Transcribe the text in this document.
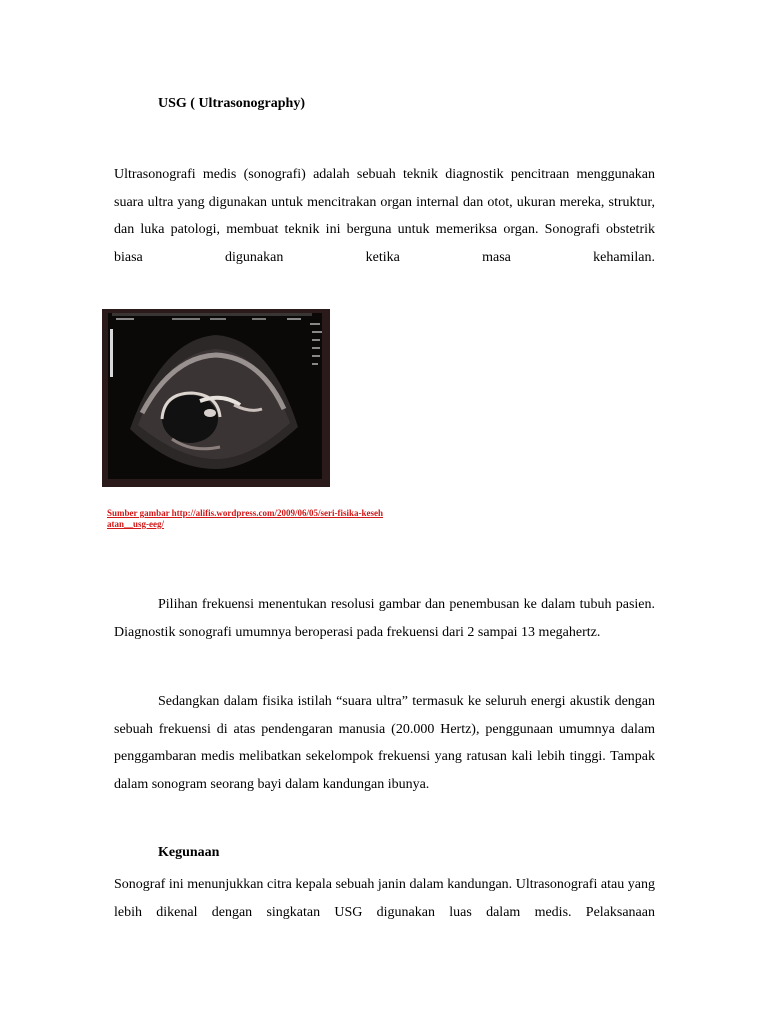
USG ( Ultrasonography)

Ultrasonografi medis (sonografi) adalah sebuah teknik diagnostik pencitraan menggunakan suara ultra yang digunakan untuk mencitrakan organ internal dan otot, ukuran mereka, struktur, dan luka patologi, membuat teknik ini berguna untuk memeriksa organ. Sonografi obstetrik biasa digunakan ketika masa kehamilan.

Sumber gambar http://alifis.wordpress.com/2009/06/05/seri-fisika-kesehatan__usg-eeg/

Pilihan frekuensi menentukan resolusi gambar dan penembusan ke dalam tubuh pasien. Diagnostik sonografi umumnya beroperasi pada frekuensi dari 2 sampai 13 megahertz.

Sedangkan dalam fisika istilah “suara ultra” termasuk ke seluruh energi akustik dengan sebuah frekuensi di atas pendengaran manusia (20.000 Hertz), penggunaan umumnya dalam penggambaran medis melibatkan sekelompok frekuensi yang ratusan kali lebih tinggi. Tampak dalam sonogram seorang bayi dalam kandungan ibunya.

Kegunaan

Sonograf ini menunjukkan citra kepala sebuah janin dalam kandungan. Ultrasonografi atau yang lebih dikenal dengan singkatan USG digunakan luas dalam medis. Pelaksanaan
